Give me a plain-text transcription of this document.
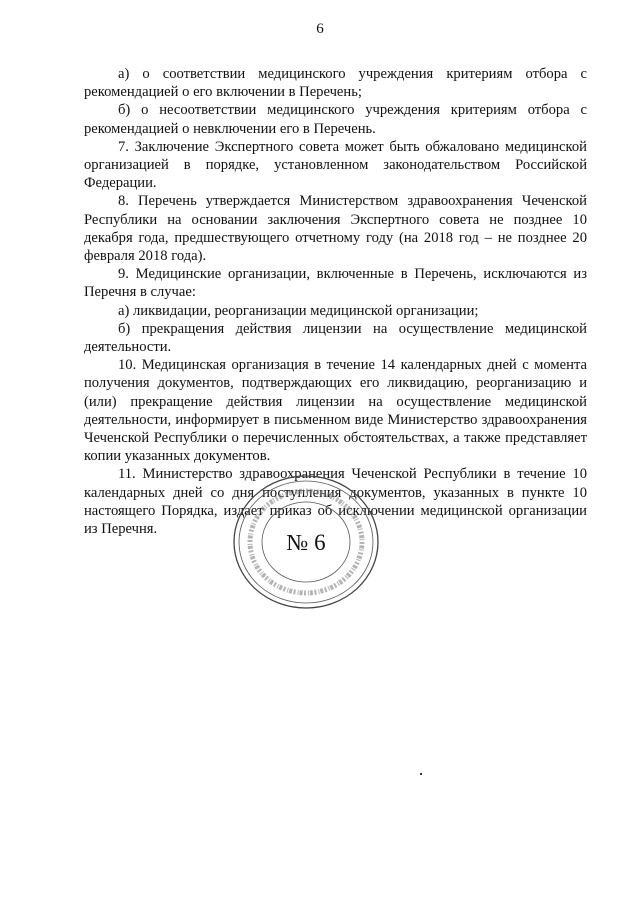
6

а) о соответствии медицинского учреждения критериям отбора с рекомендацией о его включении в Перечень;

б) о несоответствии медицинского учреждения критериям отбора с рекомендацией о невключении его в Перечень.

7. Заключение Экспертного совета может быть обжаловано медицинской организацией в порядке, установленном законодательством Российской Федерации.

8. Перечень утверждается Министерством здравоохранения Чеченской Республики на основании заключения Экспертного совета не позднее 10 декабря года, предшествующего отчетному году (на 2018 год – не позднее 20 февраля 2018 года).

9. Медицинские организации, включенные в Перечень, исключаются из Перечня в случае:

а) ликвидации, реорганизации медицинской организации;

б) прекращения действия лицензии на осуществление медицинской деятельности.

10. Медицинская организация в течение 14 календарных дней с момента получения документов, подтверждающих его ликвидацию, реорганизацию и (или) прекращение действия лицензии на осуществление медицинской деятельности, информирует в письменном виде Министерство здравоохранения Чеченской Республики о перечисленных обстоятельствах, а также представляет копии указанных документов.

11. Министерство здравоохранения Чеченской Республики в течение 10 календарных дней со дня поступления документов, указанных в пункте 10 настоящего Порядка, издает приказ об исключении медицинской организации из Перечня.

№ 6
